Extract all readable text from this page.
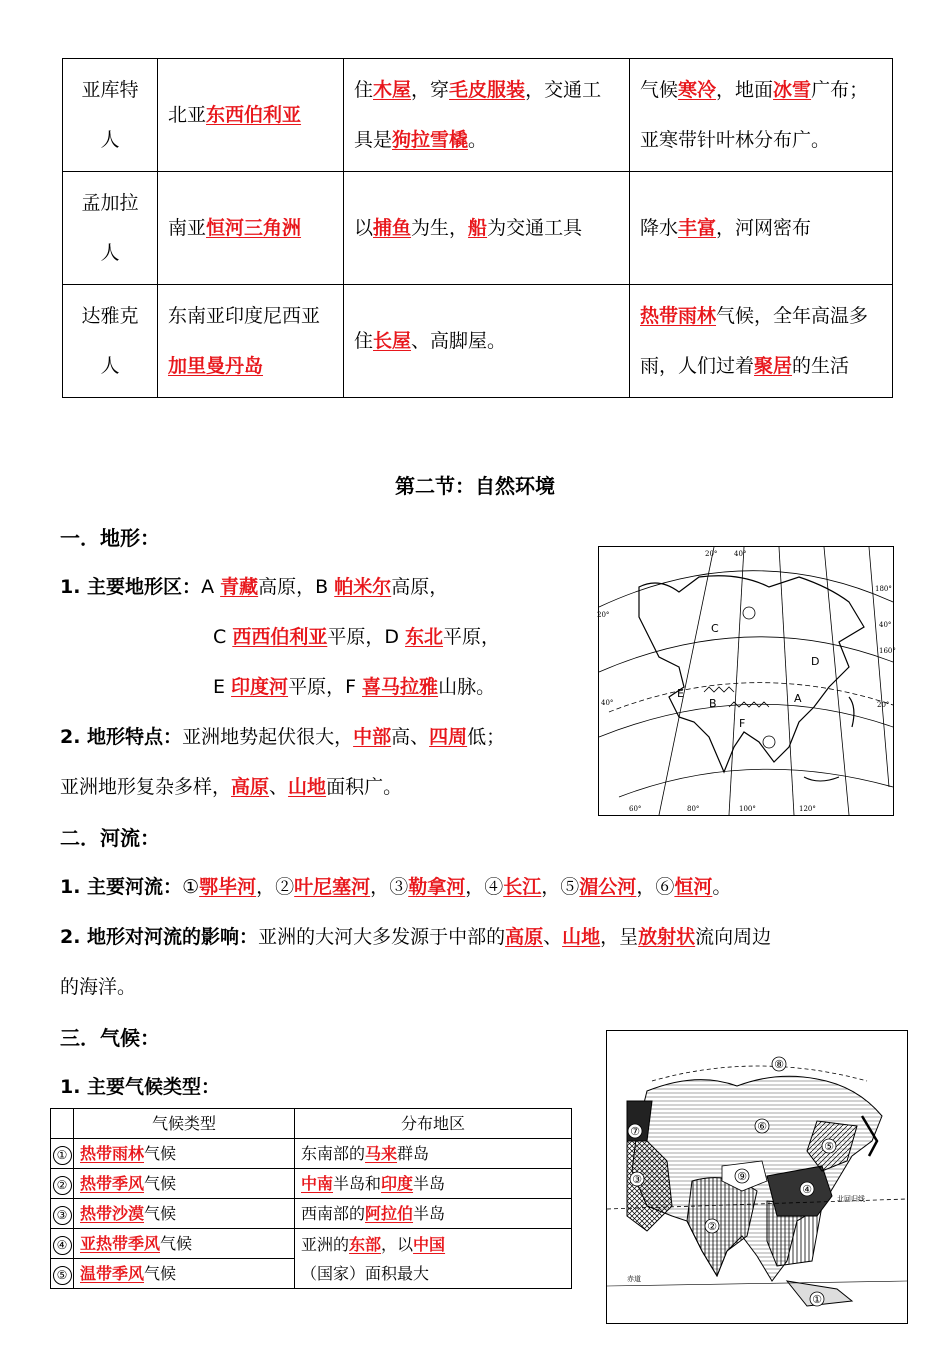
亚库特人	北亚东西伯利亚	住木屋，穿毛皮服装，交通工具是狗拉雪橇。	气候寒冷，地面冰雪广布；亚寒带针叶林分布广。
孟加拉人	南亚恒河三角洲	以捕鱼为生，船为交通工具	降水丰富，河网密布
达雅克人	东南亚印度尼西亚加里曼丹岛	住长屋、高脚屋。	热带雨林气候，全年高温多雨，人们过着聚居的生活
第二节：自然环境
一．地形：
1. 主要地形区：A 青藏高原，B 帕米尔高原，
C 西西伯利亚平原，D 东北平原，
E 印度河平原，F 喜马拉雅山脉。
2. 地形特点：亚洲地势起伏很大，中部高、四周低；
亚洲地形复杂多样，高原、山地面积广。
20° 40°
20°
40°
180°
160°
40°
60°	80°	100°	120°
20°
A
B
C
D
E
F
二．河流：
1. 主要河流：①鄂毕河，②叶尼塞河，③勒拿河，④长江，⑤湄公河，⑥恒河。
2. 地形对河流的影响：亚洲的大河大多发源于中部的高原、山地，呈放射状流向周边
的海洋。
三．气候：
1. 主要气候类型：
	气候类型	分布地区
①	热带雨林气候	东南部的马来群岛
②	热带季风气候	中南半岛和印度半岛
③	热带沙漠气候	西南部的阿拉伯半岛
④	亚热带季风气候	亚洲的东部，以中国
（国家）面积最大
⑤	温带季风气候	
北回归线
赤道
①
②
③
④
⑤
⑥
⑦
⑧
⑨
